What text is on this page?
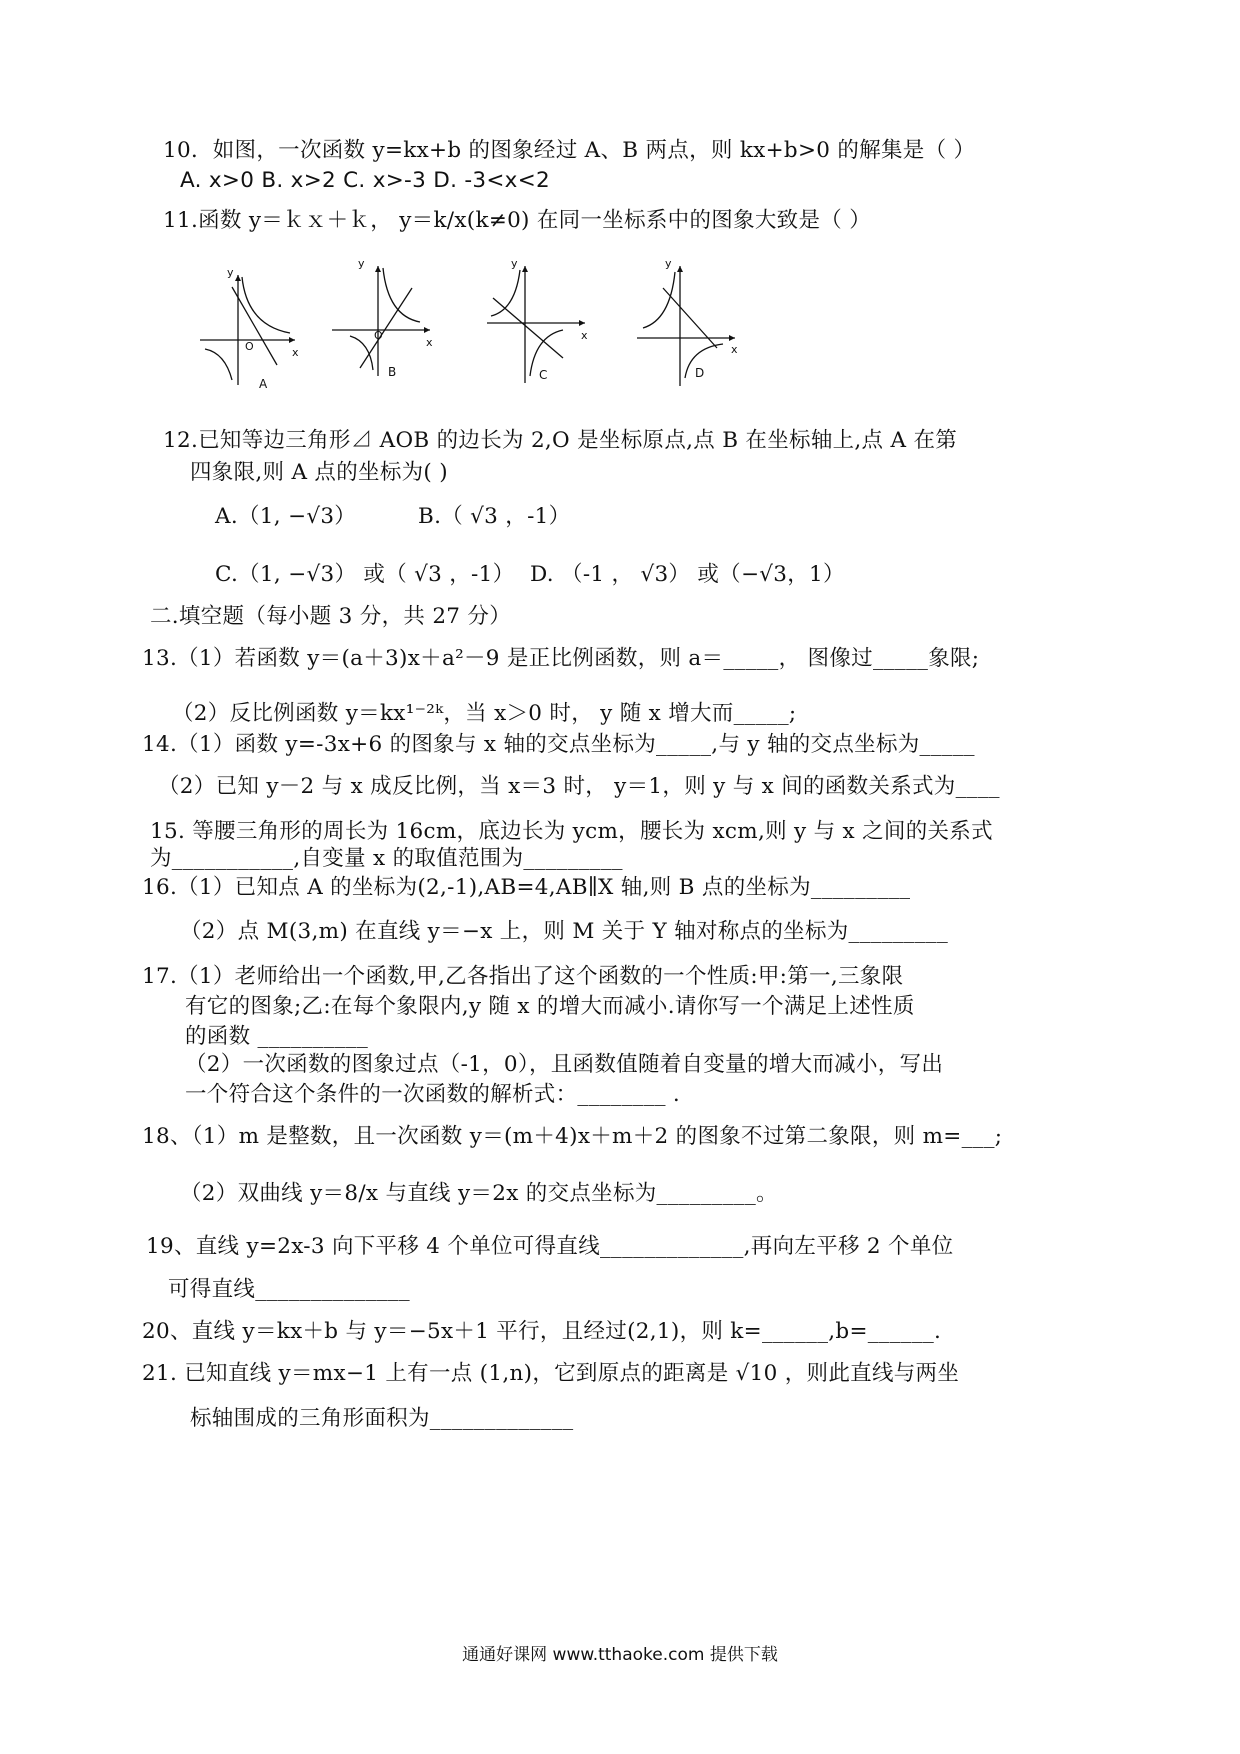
10．如图，一次函数 y=kx+b 的图象经过 A、B 两点，则 kx+b>0 的解集是（ ）
A. x>0 B. x>2 C. x>-3 D. -3<x<2
11.函数 y＝ｋｘ＋ｋ， y＝k/x(k≠0) 在同一坐标系中的图象大致是（ ）
y
x
O
A
y
x
O
B
y
x
C
y
x
D
12.已知等边三角形⊿ AOB 的边长为 2,O 是坐标原点,点 B 在坐标轴上,点 A 在第
四象限,则 A 点的坐标为( )
A.（1, −√3）	B.（ √3 ，-1）
C.（1, −√3） 或（ √3 ，-1） D. （-1 ， √3） 或（−√3，1）
二.填空题（每小题 3 分，共 27 分）
13.（1）若函数 y＝(a＋3)x＋a²－9 是正比例函数，则 a＝_____， 图像过_____象限;
（2）反比例函数 y＝kx¹⁻²ᵏ，当 x＞0 时， y 随 x 增大而_____;
14.（1）函数 y=-3x+6 的图象与 x 轴的交点坐标为_____,与 y 轴的交点坐标为_____
（2）已知 y－2 与 x 成反比例，当 x＝3 时， y＝1，则 y 与 x 间的函数关系式为____
15. 等腰三角形的周长为 16cm，底边长为 ycm，腰长为 xcm,则 y 与 x 之间的关系式
为___________,自变量 x 的取值范围为_________
16.（1）已知点 A 的坐标为(2,-1),AB=4,AB∥X 轴,则 B 点的坐标为_________
（2）点 M(3,m) 在直线 y＝−x 上，则 M 关于 Y 轴对称点的坐标为_________
17.（1）老师给出一个函数,甲,乙各指出了这个函数的一个性质:甲:第一,三象限
有它的图象;乙:在每个象限内,y 随 x 的增大而减小.请你写一个满足上述性质
的函数 __________
（2）一次函数的图象过点（-1，0），且函数值随着自变量的增大而减小，写出
一个符合这个条件的一次函数的解析式：________ .
18、（1）m 是整数，且一次函数 y＝(m＋4)x＋m＋2 的图象不过第二象限，则 m=___;
（2）双曲线 y＝8/x 与直线 y＝2x 的交点坐标为_________。
19、直线 y=2x-3 向下平移 4 个单位可得直线_____________,再向左平移 2 个单位
可得直线______________
20、直线 y＝kx＋b 与 y＝−5x＋1 平行，且经过(2,1)，则 k=______,b=______.
21. 已知直线 y＝mx−1 上有一点 (1,n)，它到原点的距离是 √10 ，则此直线与两坐
标轴围成的三角形面积为_____________
通通好课网 www.tthaoke.com 提供下载
